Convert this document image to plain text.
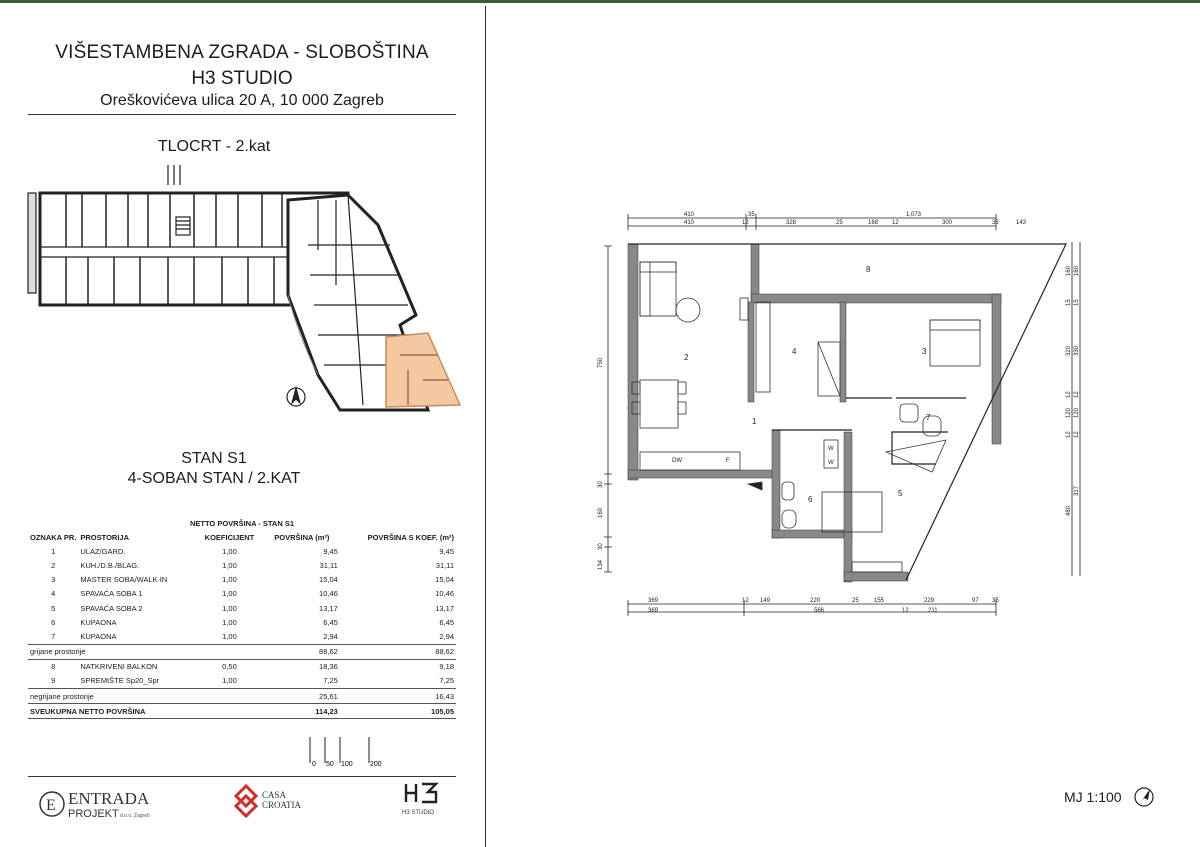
VIŠESTAMBENA ZGRADA - SLOBOŠTINA
H3 STUDIO
Oreškovićeva ulica 20 A, 10 000 Zagreb
TLOCRT - 2.kat
STAN S1
4-SOBAN STAN / 2.KAT
NETTO POVRŠINA - STAN S1				
OZNAKA PR.	PROSTORIJA	KOEFICIJENT	POVRŠINA (m²)	POVRŠINA S KOEF. (m²)
1	ULAZ/GARD.	1,00	9,45	9,45
2	KUH./D.B./BLAG.	1,00	31,11	31,11
3	MASTER SOBA/WALK IN	1,00	15,04	15,04
4	SPAVAĆA SOBA 1	1,00	10,46	10,46
5	SPAVAĆA SOBA 2	1,00	13,17	13,17
6	KUPAONA	1,00	6,45	6,45
7	KUPAONA	1,00	2,94	2,94
grijane prostorije			88,62	88,62
8	NATKRIVENI BALKON	0,50	18,36	9,18
9	SPREMIŠTE Sp20_Spr	1,00	7,25	7,25
negrijane prostorije			25,61	16,43
SVEUKUPNA NETTO POVRŠINA			114,23	105,05
0 50 100 200
E ENTRADA
PROJEKT d.o.o. Zagreb
CASA
CROATIA
H3 STUDIO
410	35	1,073
410	12	328	25	168 12	300	35	143
750
30
160
30
134
DW	F
W
W
2
4	3
1	7
6
5
8
369	12 149	220	25	155	229	97 35
369	566	12	211
160
15
320
12
120
12
480
160
15
330
12
120
12
317
MJ 1:100
